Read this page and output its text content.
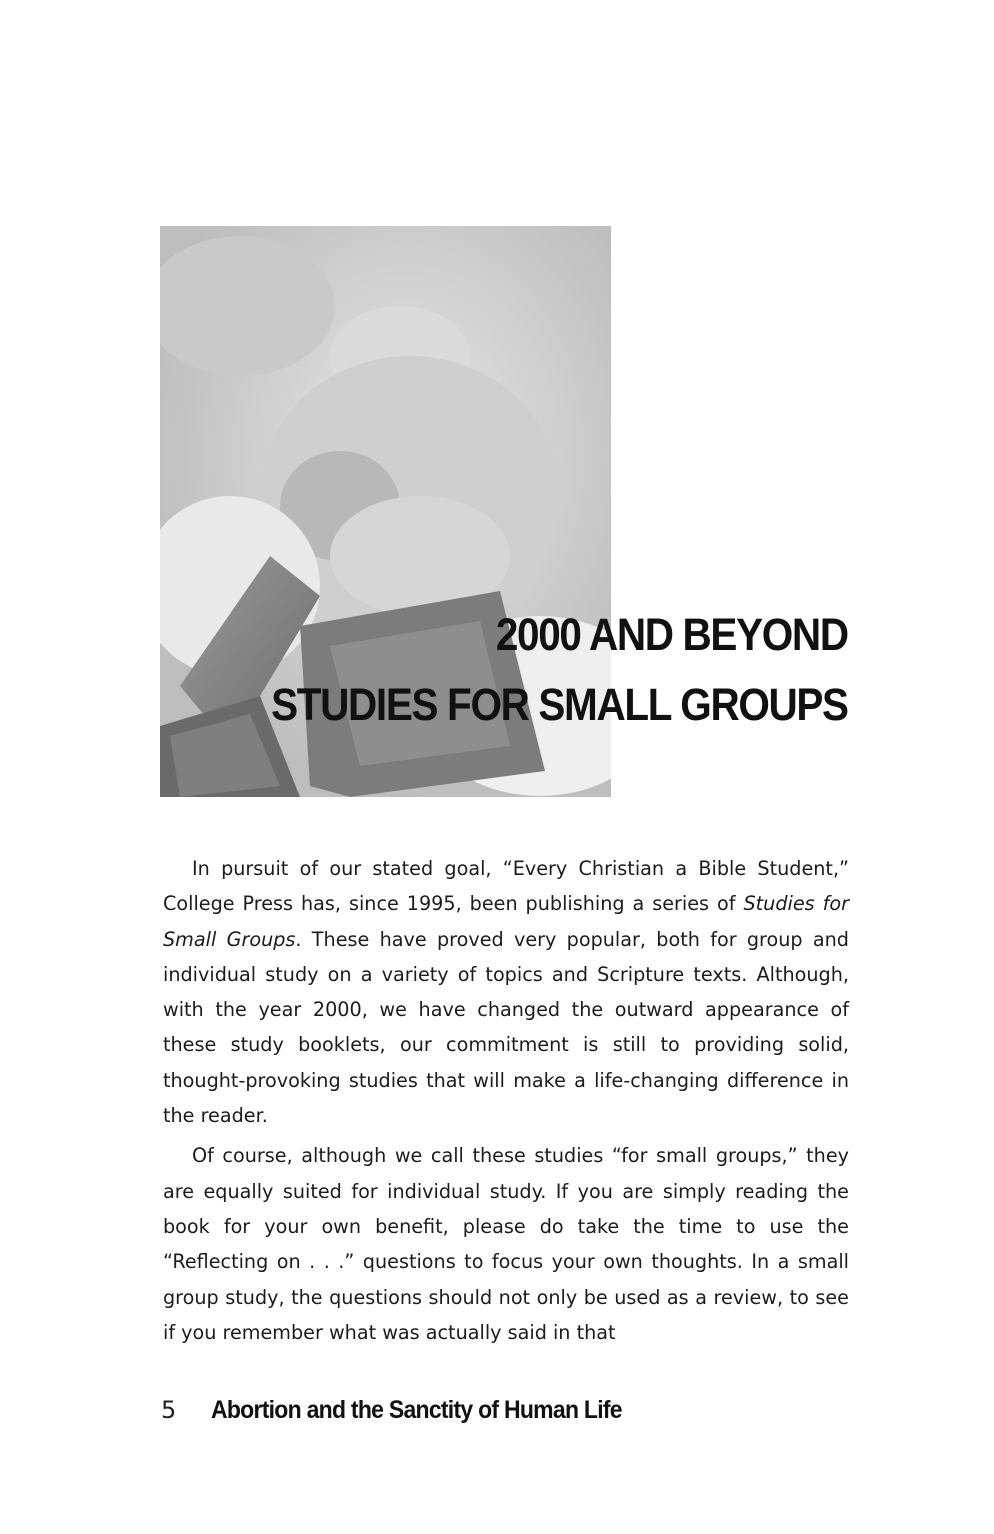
2000 AND BEYOND
STUDIES FOR SMALL GROUPS

In pursuit of our stated goal, “Every Christian a Bible Student,” College Press has, since 1995, been publishing a series of Studies for Small Groups. These have proved very popular, both for group and individual study on a variety of topics and Scripture texts. Although, with the year 2000, we have changed the outward appearance of these study booklets, our commitment is still to providing solid, thought-provoking studies that will make a life-changing difference in the reader.

Of course, although we call these studies “for small groups,” they are equally suited for individual study. If you are simply reading the book for your own benefit, please do take the time to use the “Reflecting on . . .” questions to focus your own thoughts. In a small group study, the questions should not only be used as a review, to see if you remember what was actually said in that

5 Abortion and the Sanctity of Human Life
